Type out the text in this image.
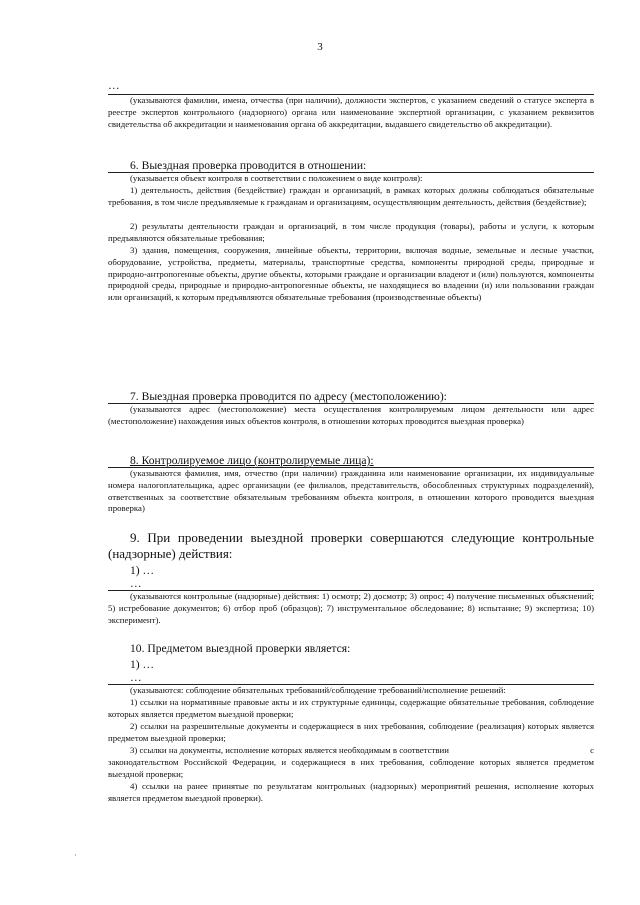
3
…
(указываются фамилии, имена, отчества (при наличии), должности экспертов, с указанием сведений о статусе эксперта в реестре экспертов контрольного (надзорного) органа или наименование экспертной организации, с указанием реквизитов свидетельства об аккредитации и наименования органа об аккредитации, выдавшего свидетельство об аккредитации).
6. Выездная проверка проводится в отношении:
(указывается объект контроля в соответствии с положением о виде контроля):
1) деятельность, действия (бездействие) граждан и организаций, в рамках которых должны соблюдаться обязательные требования, в том числе предъявляемые к гражданам и организациям, осуществляющим деятельность, действия (бездействие);
2) результаты деятельности граждан и организаций, в том числе продукция (товары), работы и услуги, к которым предъявляются обязательные требования;
3) здания, помещения, сооружения, линейные объекты, территории, включая водные, земельные и лесные участки, оборудование, устройства, предметы, материалы, транспортные средства, компоненты природной среды, природные и природно-антропогенные объекты, другие объекты, которыми граждане и организации владеют и (или) пользуются, компоненты природной среды, природные и природно-антропогенные объекты, не находящиеся во владении (и) или пользовании граждан или организаций, к которым предъявляются обязательные требования (производственные объекты)
7. Выездная проверка проводится по адресу (местоположению):
(указываются адрес (местоположение) места осуществления контролируемым лицом деятельности или адрес (местоположение) нахождения иных объектов контроля, в отношении которых проводится выездная проверка)
8. Контролируемое лицо (контролируемые лица):
(указываются фамилия, имя, отчество (при наличии) гражданина или наименование организации, их индивидуальные номера налогоплательщика, адрес организации (ее филиалов, представительств, обособленных структурных подразделений), ответственных за соответствие обязательным требованиям объекта контроля, в отношении которого проводится выездная проверка)
9. При проведении выездной проверки совершаются следующие контрольные (надзорные) действия:
1) …
…
(указываются контрольные (надзорные) действия: 1) осмотр; 2) досмотр; 3) опрос; 4) получение письменных объяснений; 5) истребование документов; 6) отбор проб (образцов); 7) инструментальное обследование; 8) испытание; 9) экспертиза; 10) эксперимент).
10. Предметом выездной проверки является:
1) …
…
(указываются: соблюдение обязательных требований/соблюдение требований/исполнение решений:
1) ссылки на нормативные правовые акты и их структурные единицы, содержащие обязательные требования, соблюдение которых является предметом выездной проверки;
2) ссылки на разрешительные документы и содержащиеся в них требования, соблюдение (реализация) которых является предметом выездной проверки;

3) ссылки на документы, исполнение которых является необходимым в соответствии	с

законодательством Российской Федерации, и содержащиеся в них требования, соблюдение которых является предметом выездной проверки;

4) ссылки на ранее принятые по результатам контрольных (надзорных) мероприятий решения, исполнение которых является предметом выездной проверки).
·
